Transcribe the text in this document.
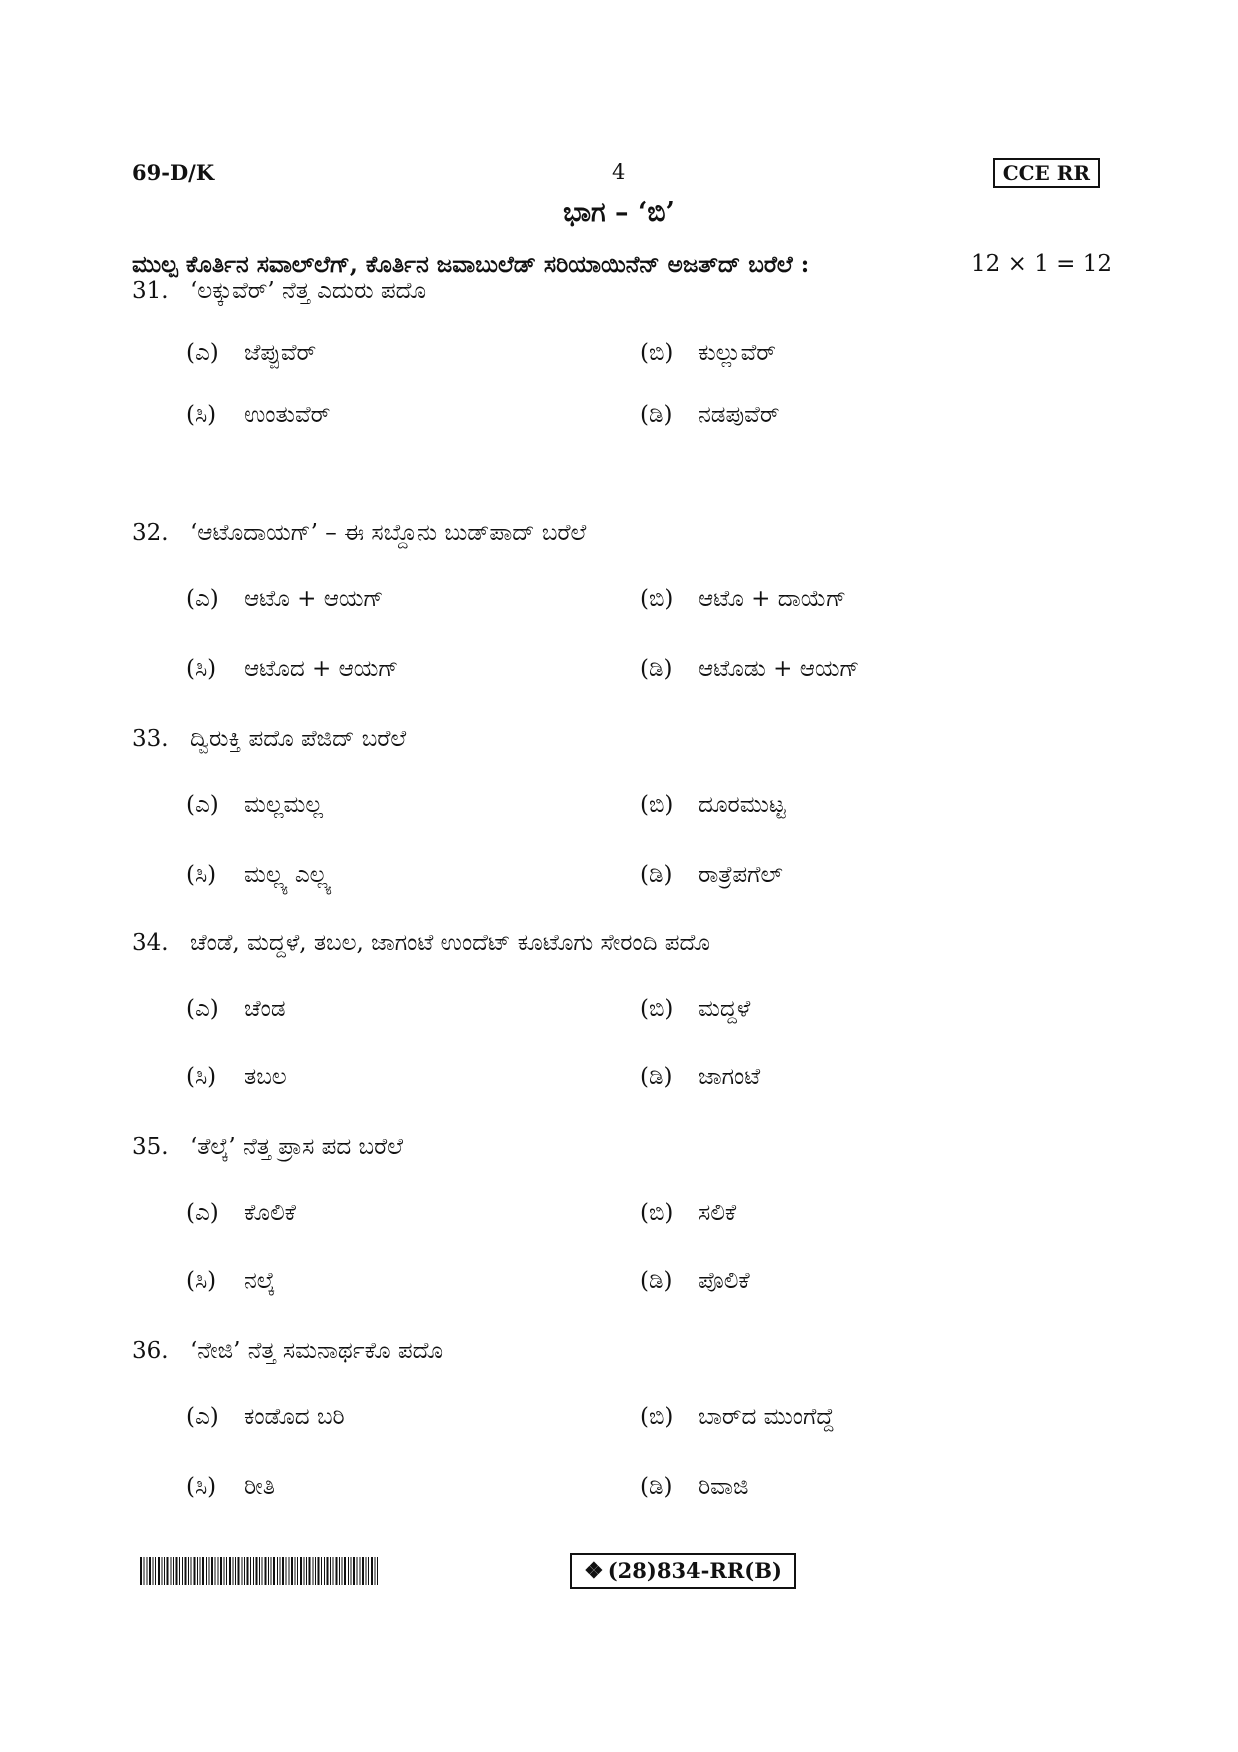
69-D/K	4	CCE RR
ಭಾಗ – ‘ಬಿ’
ಮುಲ್ಪ ಕೊರ್ತಿನ ಸವಾಲ್‌ಲೆಗ್, ಕೊರ್ತಿನ ಜವಾಬುಲೆಡ್ ಸರಿಯಾಯಿನೆನ್ ಅಜತ್‌ದ್ ಬರೆಲೆ :	12 × 1 = 12
31. ‘ಲಕ್ಕುವೆರ್’ ನೆತ್ತ ಎದುರು ಪದೊ
(ಎ) ಜೆಪ್ಪುವೆರ್	(ಬಿ) ಕುಲ್ಲುವೆರ್
(ಸಿ) ಉಂತುವೆರ್	(ಡಿ) ನಡಪುವೆರ್
32. ‘ಆಟೊದಾಯಗ್’ – ಈ ಸಬ್ದೊನು ಬುಡ್‌ಪಾದ್ ಬರೆಲೆ
(ಎ) ಆಟೊ + ಆಯಗ್	(ಬಿ) ಆಟೊ + ದಾಯೆಗ್
(ಸಿ) ಆಟೊದ + ಆಯಗ್	(ಡಿ) ಆಟೊಡು + ಆಯಗ್
33. ದ್ವಿರುಕ್ತಿ ಪದೊ ಪೆಜಿದ್ ಬರೆಲೆ
(ಎ) ಮಲ್ಲಮಲ್ಲ	(ಬಿ) ದೂರಮುಟ್ಟ
(ಸಿ) ಮಲ್ಲ್ಯ ಎಲ್ಲ್ಯ	(ಡಿ) ರಾತ್ರೆಪಗೆಲ್
34. ಚೆಂಡೆ, ಮದ್ದಳೆ, ತಬಲ, ಜಾಗಂಟೆ ಉಂದೆಟ್ ಕೂಟೊಗು ಸೇರಂದಿ ಪದೊ
(ಎ) ಚೆಂಡ	(ಬಿ) ಮದ್ದಳೆ
(ಸಿ) ತಬಲ	(ಡಿ) ಜಾಗಂಟೆ
35. ‘ತೆಲ್ಕೆ’ ನೆತ್ತ ಪ್ರಾಸ ಪದ ಬರೆಲೆ
(ಎ) ಕೊಲಿಕೆ	(ಬಿ) ಸಲಿಕೆ
(ಸಿ) ನಲ್ಕೆ	(ಡಿ) ಪೊಲಿಕೆ
36. ‘ನೇಜಿ’ ನೆತ್ತ ಸಮನಾರ್ಥಕೊ ಪದೊ
(ಎ) ಕಂಡೊದ ಬರಿ	(ಬಿ) ಬಾರ್‌ದ ಮುಂಗೆದ್ದೆ
(ಸಿ) ರೀತಿ	(ಡಿ) ರಿವಾಜಿ
❖ (28)834-RR(B)
